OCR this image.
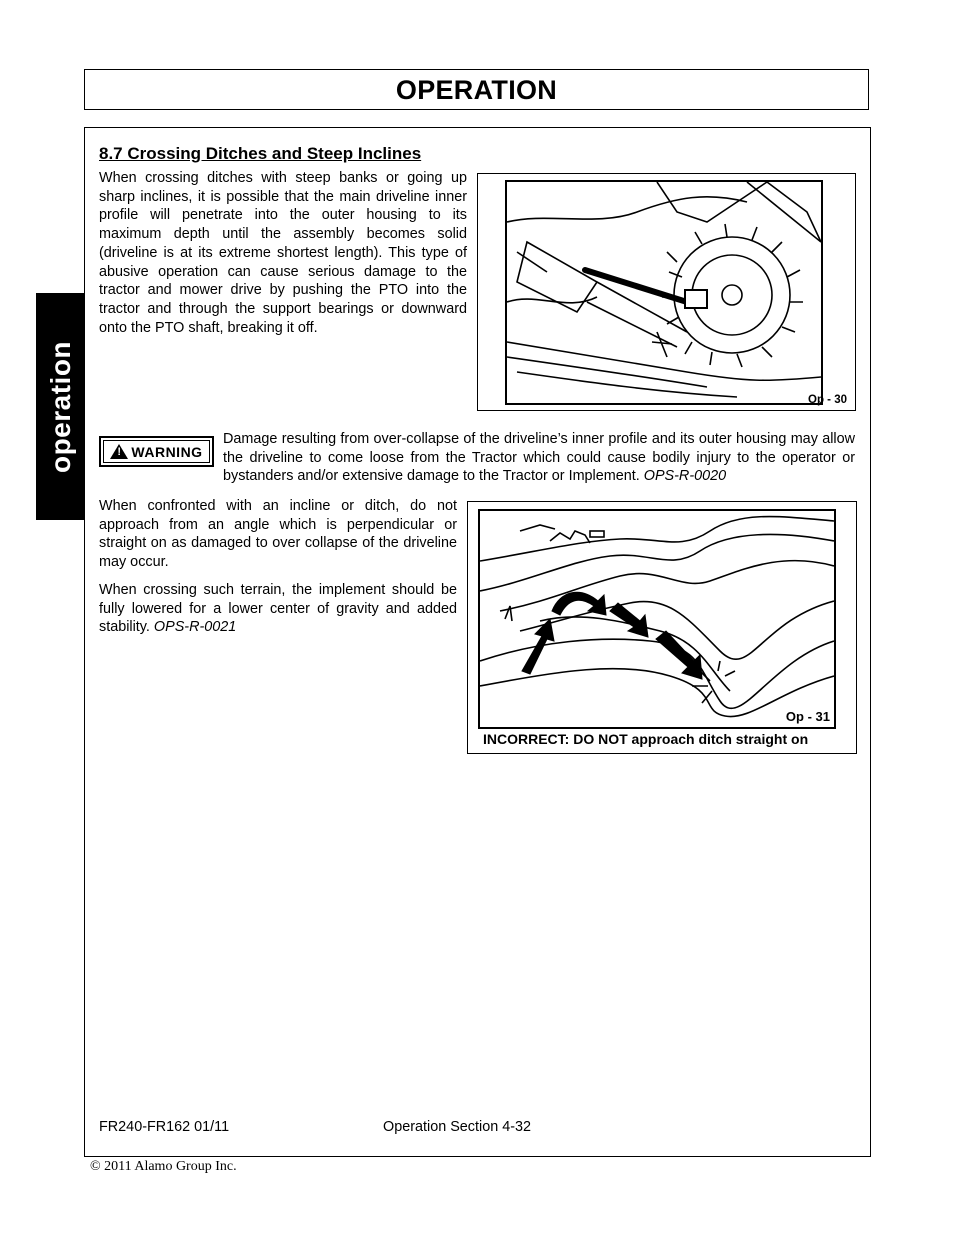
OPERATION
operation
8.7 Crossing Ditches and Steep Inclines
When crossing ditches with steep banks or going up sharp inclines, it is possible that the main driveline inner profile will penetrate into the outer housing to its maximum depth until the assembly becomes solid (driveline is at its extreme shortest length). This type of abusive operation can cause serious damage to the tractor and mower drive by pushing the PTO into the tractor and through the support bearings or downward onto the PTO shaft, breaking it off.
Op - 30
!
WARNING
Damage resulting from over-collapse of the driveline’s inner profile and its outer housing may allow the driveline to come loose from the Tractor which could cause bodily injury to the operator or bystanders and/or extensive damage to the Tractor or Implement. OPS-R-0020
When confronted with an incline or ditch, do not approach from an angle which is perpendicular or straight on as damaged to over collapse of the driveline may occur.
When crossing such terrain, the implement should be fully lowered for a lower center of gravity and added stability. OPS-R-0021
Op - 31
INCORRECT: DO NOT approach ditch straight on
FR240-FR162 01/11	Operation Section 4-32
© 2011 Alamo Group Inc.
